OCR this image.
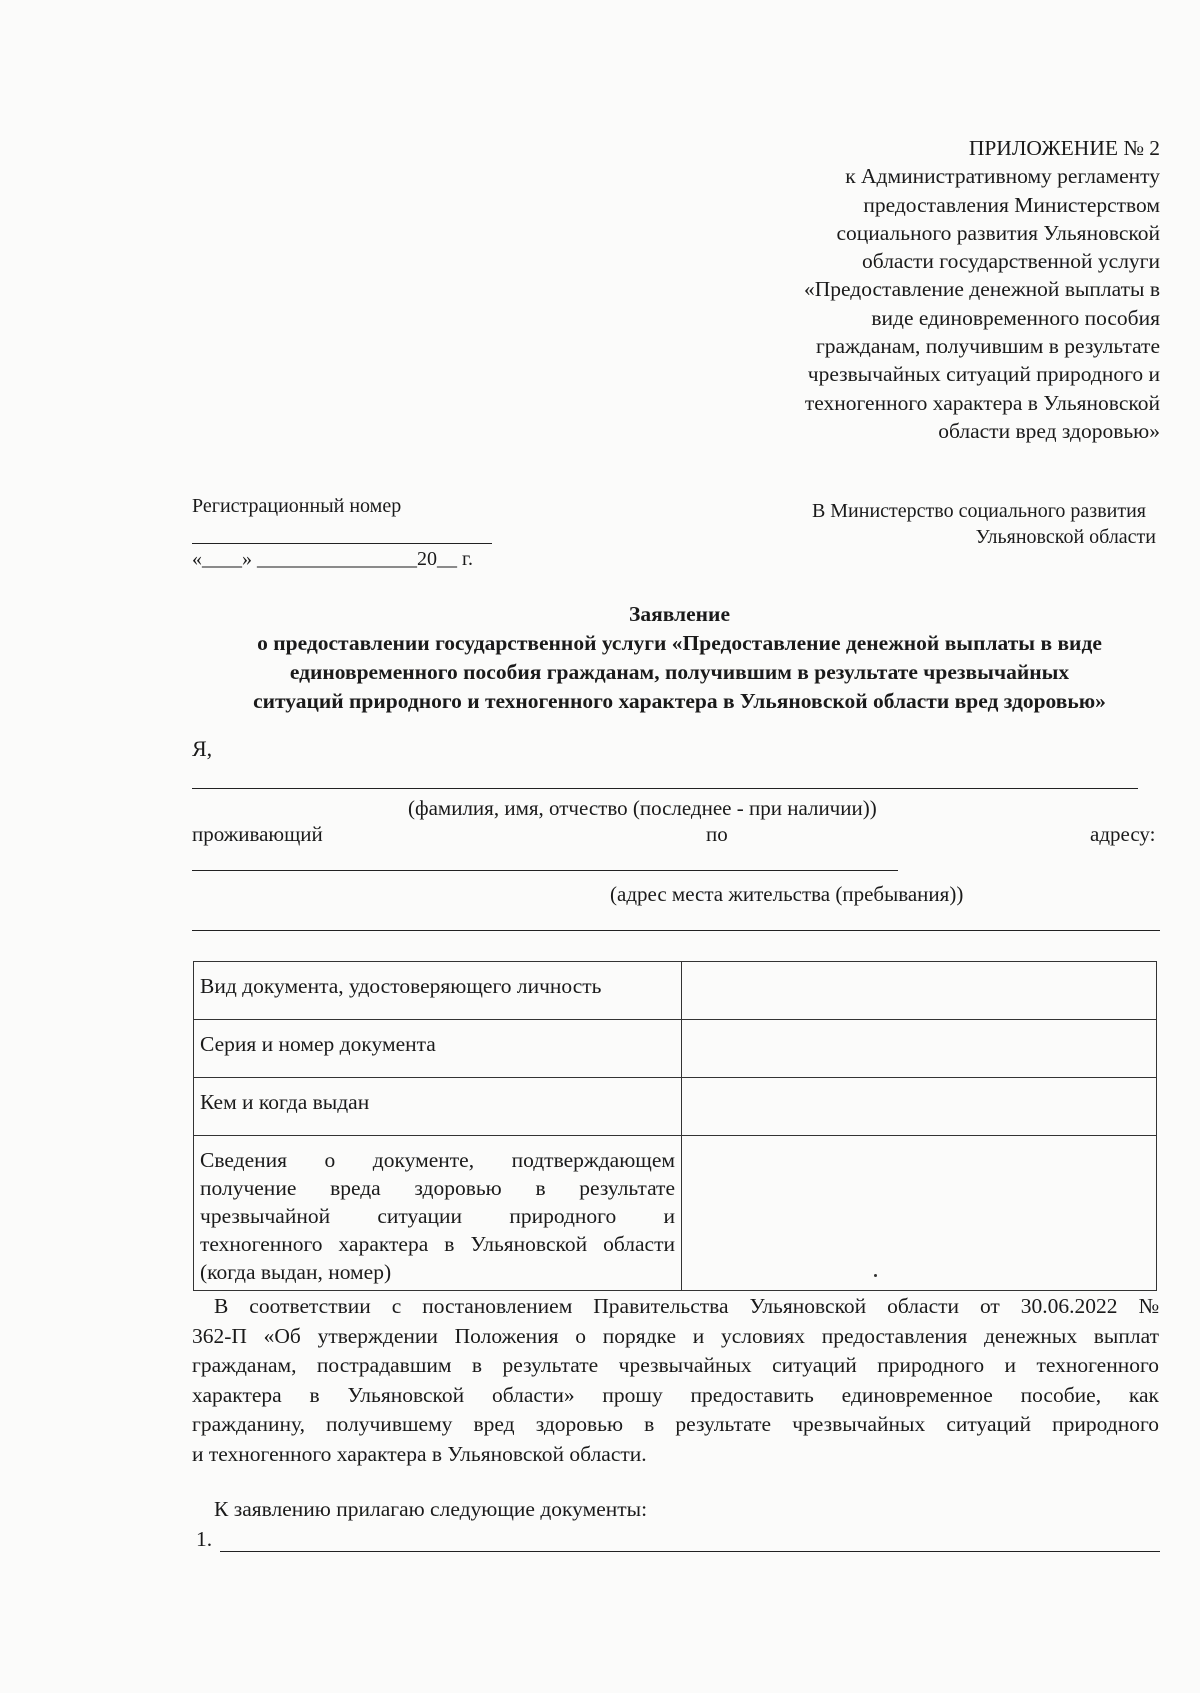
ПРИЛОЖЕНИЕ № 2
к Административному регламенту
предоставления Министерством
социального развития Ульяновской
области государственной услуги
«Предоставление денежной выплаты в
виде единовременного пособия
гражданам, получившим в результате
чрезвычайных ситуаций природного и
техногенного характера в Ульяновской
области вред здоровью»
Регистрационный номер
«____» ________________20__ г.
В Министерство социального развития
Ульяновской области
Заявление
о предоставлении государственной услуги «Предоставление денежной выплаты в виде
единовременного пособия гражданам, получившим в результате чрезвычайных
ситуаций природного и техногенного характера в Ульяновской области вред здоровью»
Я,
(фамилия, имя, отчество (последнее - при наличии))
проживающий	по	адресу:
(адрес места жительства (пребывания))
Вид документа, удостоверяющего личность	
Серия и номер документа	
Кем и когда выдан	
Сведения о документе, подтверждающем получение вреда здоровью в результате чрезвычайной ситуации природного и техногенного характера в Ульяновской области (когда выдан, номер)	
В соответствии с постановлением Правительства Ульяновской области от 30.06.2022 №
362-П «Об утверждении Положения о порядке и условиях предоставления денежных выплат
гражданам, пострадавшим в результате чрезвычайных ситуаций природного и техногенного
характера в Ульяновской области» прошу предоставить единовременное пособие, как
гражданину, получившему вред здоровью в результате чрезвычайных ситуаций природного
и техногенного характера в Ульяновской области.
К заявлению прилагаю следующие документы:
1.
